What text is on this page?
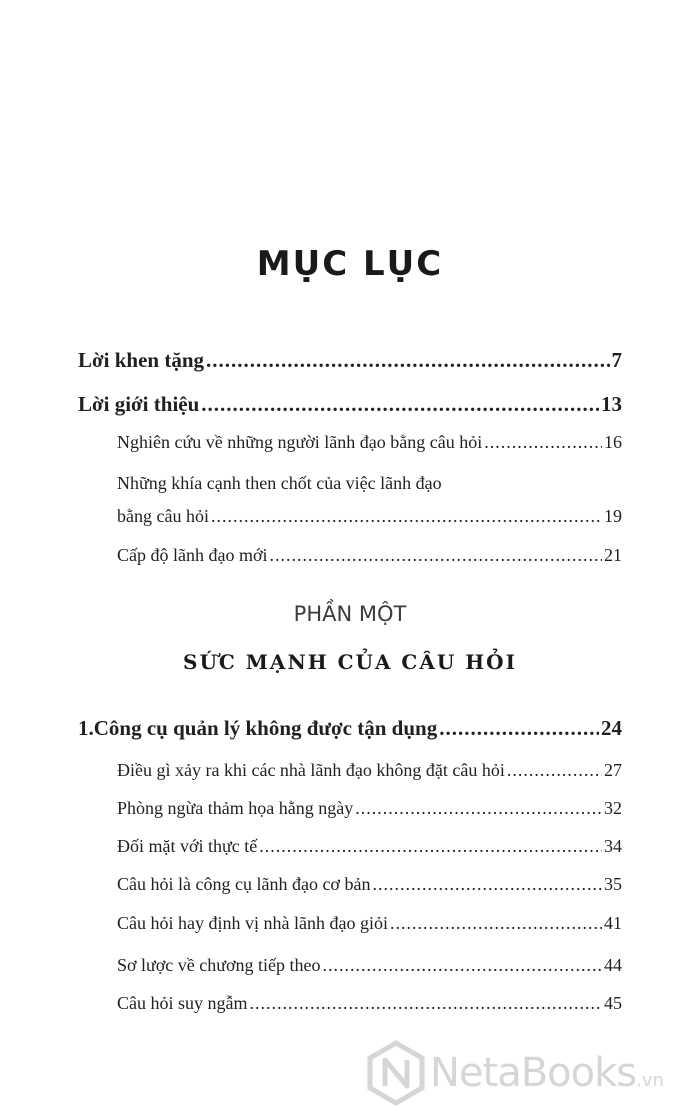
MỤC LỤC
Lời khen tặng .....	7
Lời giới thiệu .....	13
Nghiên cứu về những người lãnh đạo bằng câu hỏi .....	16
Những khía cạnh then chốt của việc lãnh đạo
bằng câu hỏi .....	19
Cấp độ lãnh đạo mới .....	21
PHẦN MỘT
SỨC MẠNH CỦA CÂU HỎI
1. Công cụ quản lý không được tận dụng .....	24
Điều gì xảy ra khi các nhà lãnh đạo không đặt câu hỏi .....	27
Phòng ngừa thảm họa hằng ngày .....	32
Đối mặt với thực tế .....	34
Câu hỏi là công cụ lãnh đạo cơ bản .....	35
Câu hỏi hay định vị nhà lãnh đạo giỏi .....	41
Sơ lược về chương tiếp theo .....	44
Câu hỏi suy ngẫm .....	45
NetaBooks.vn
